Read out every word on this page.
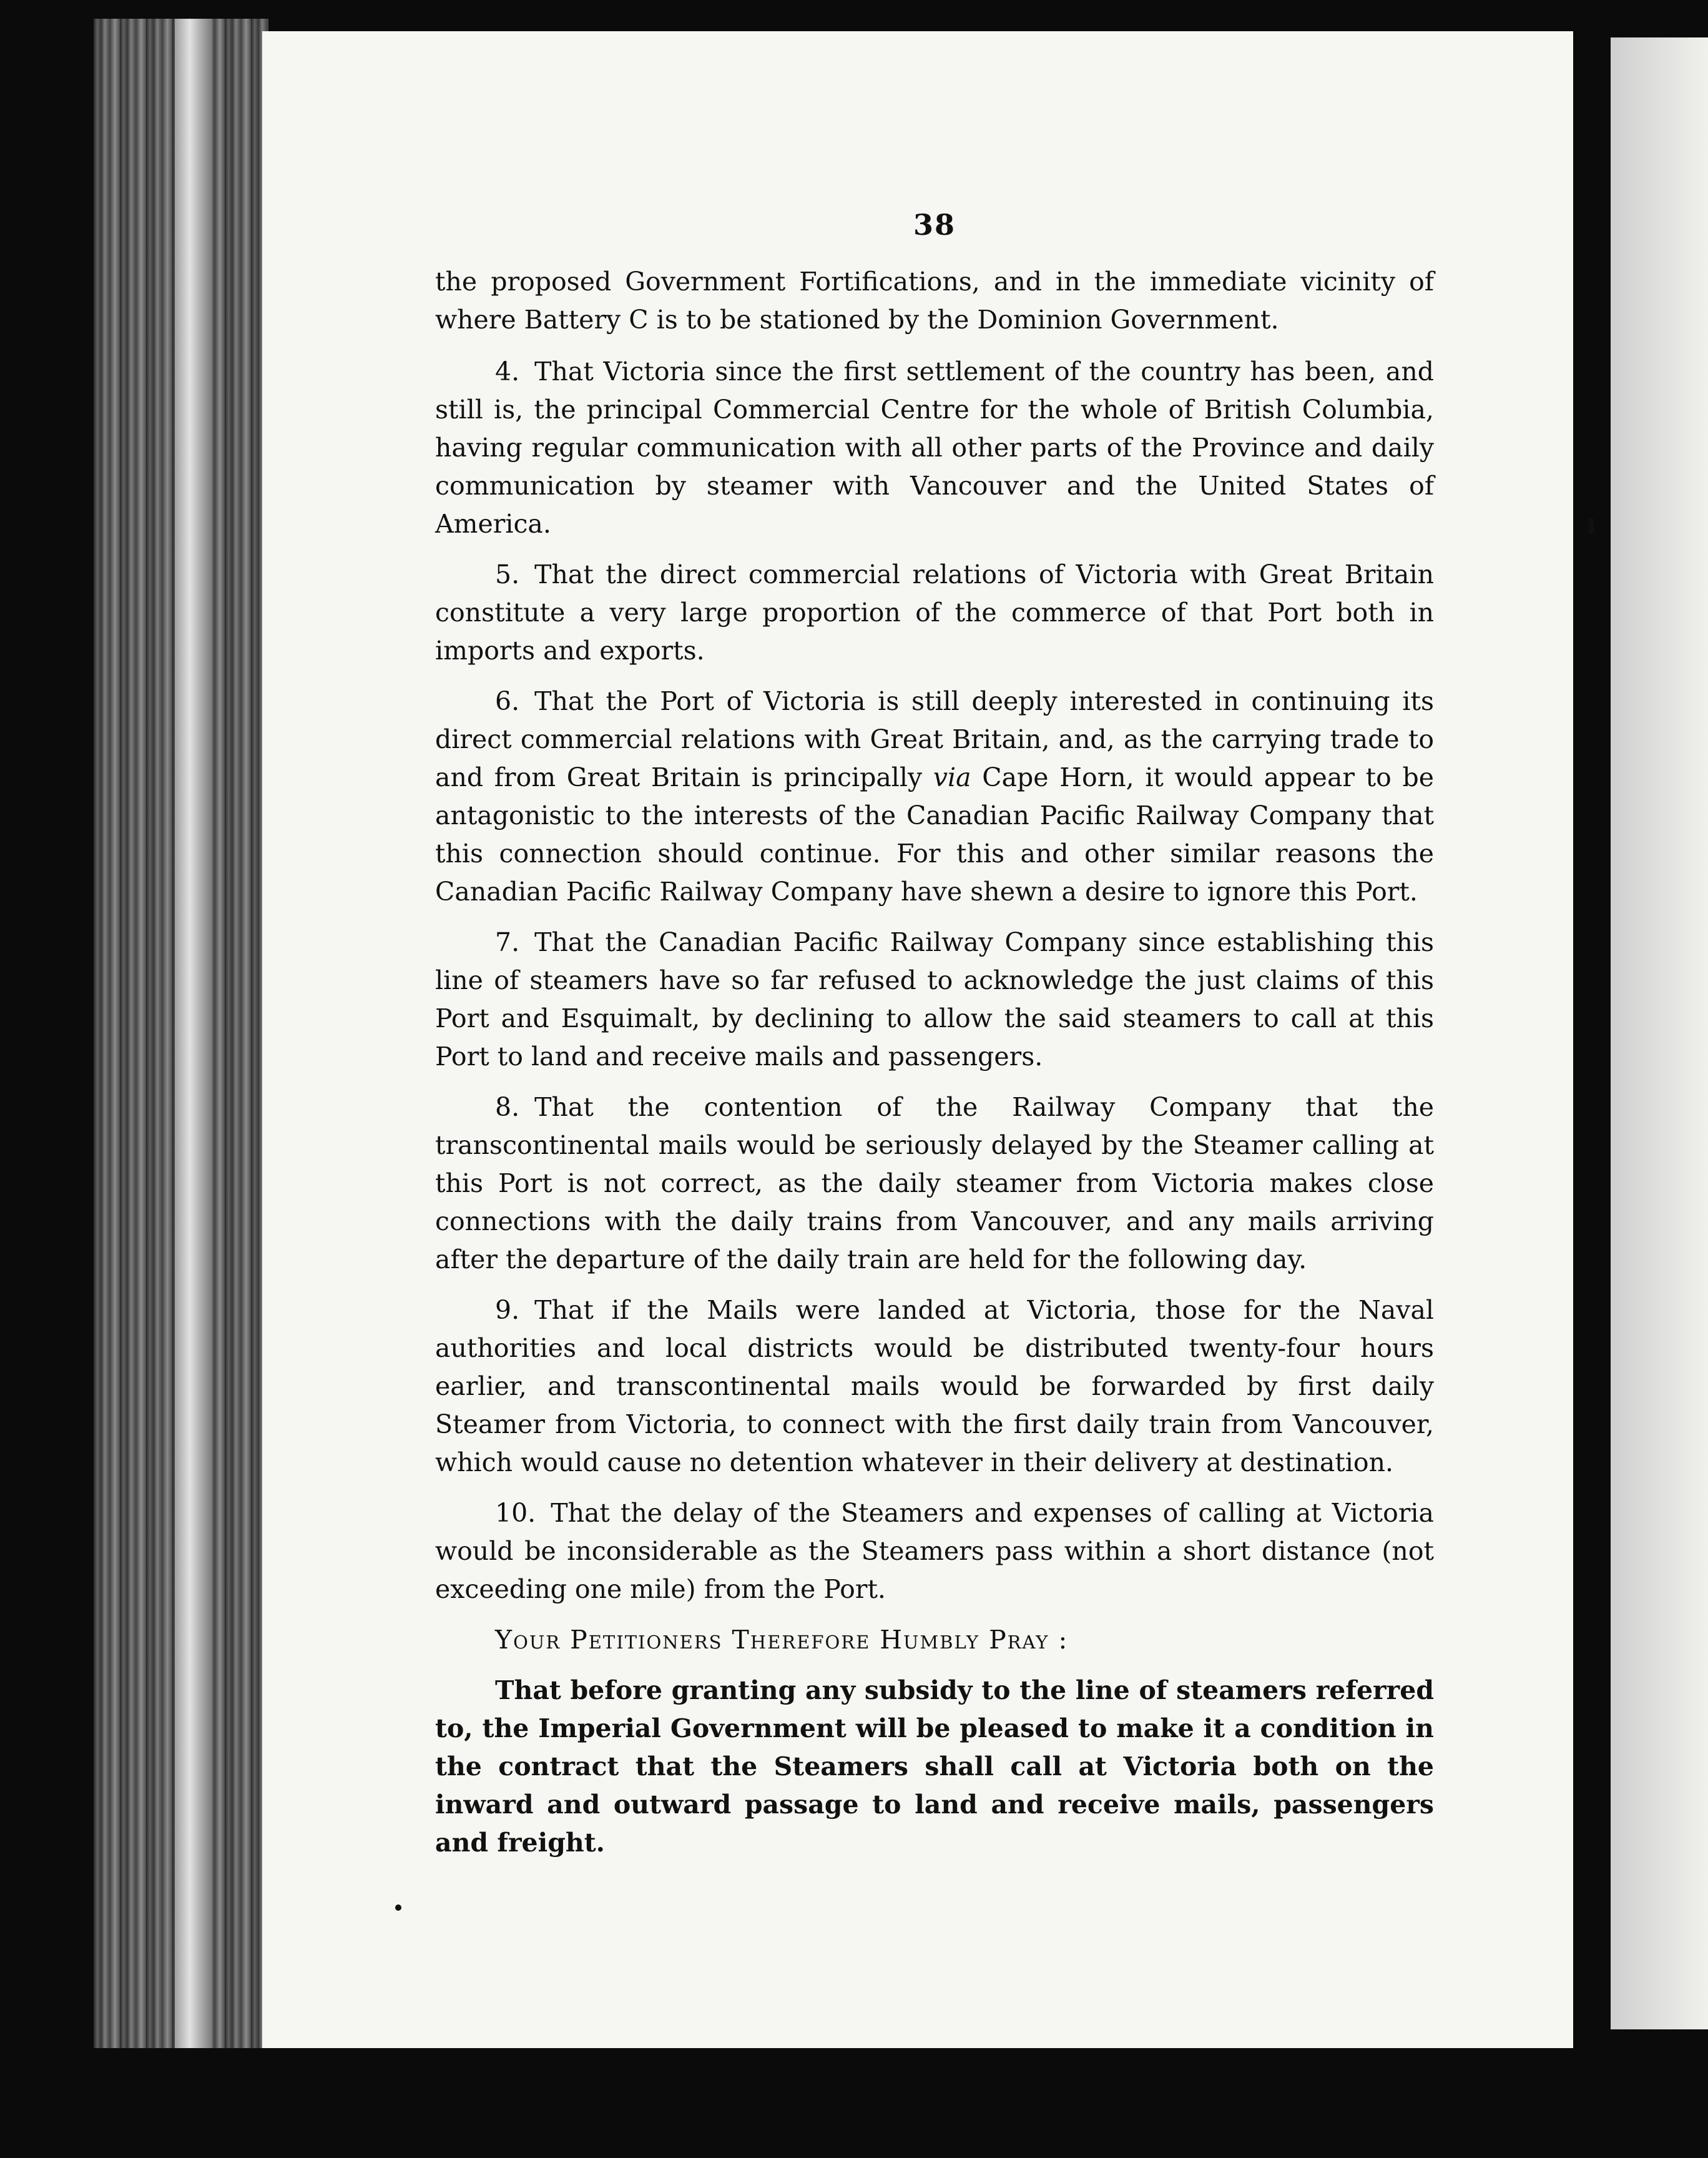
38

the proposed Government Fortifications, and in the immediate vicinity of where Battery C is to be stationed by the Dominion Government.

4. That Victoria since the first settlement of the country has been, and still is, the principal Commercial Centre for the whole of British Columbia, having regular communication with all other parts of the Province and daily communication by steamer with Vancouver and the United States of America.

5. That the direct commercial relations of Victoria with Great Britain constitute a very large proportion of the commerce of that Port both in imports and exports.

6. That the Port of Victoria is still deeply interested in continuing its direct commercial relations with Great Britain, and, as the carrying trade to and from Great Britain is principally via Cape Horn, it would appear to be antagonistic to the interests of the Canadian Pacific Railway Company that this connection should continue. For this and other similar reasons the Canadian Pacific Railway Company have shewn a desire to ignore this Port.

7. That the Canadian Pacific Railway Company since establishing this line of steamers have so far refused to acknowledge the just claims of this Port and Esquimalt, by declining to allow the said steamers to call at this Port to land and receive mails and passengers.

8. That the contention of the Railway Company that the transcontinental mails would be seriously delayed by the Steamer calling at this Port is not correct, as the daily steamer from Victoria makes close connections with the daily trains from Vancouver, and any mails arriving after the departure of the daily train are held for the following day.

9. That if the Mails were landed at Victoria, those for the Naval authorities and local districts would be distributed twenty-four hours earlier, and transcontinental mails would be forwarded by first daily Steamer from Victoria, to connect with the first daily train from Vancouver, which would cause no detention whatever in their delivery at destination.

10. That the delay of the Steamers and expenses of calling at Victoria would be inconsiderable as the Steamers pass within a short distance (not exceeding one mile) from the Port.

Your Petitioners Therefore Humbly Pray :

That before granting any subsidy to the line of steamers referred to, the Imperial Government will be pleased to make it a condition in the contract that the Steamers shall call at Victoria both on the inward and outward passage to land and receive mails, passengers and freight.
